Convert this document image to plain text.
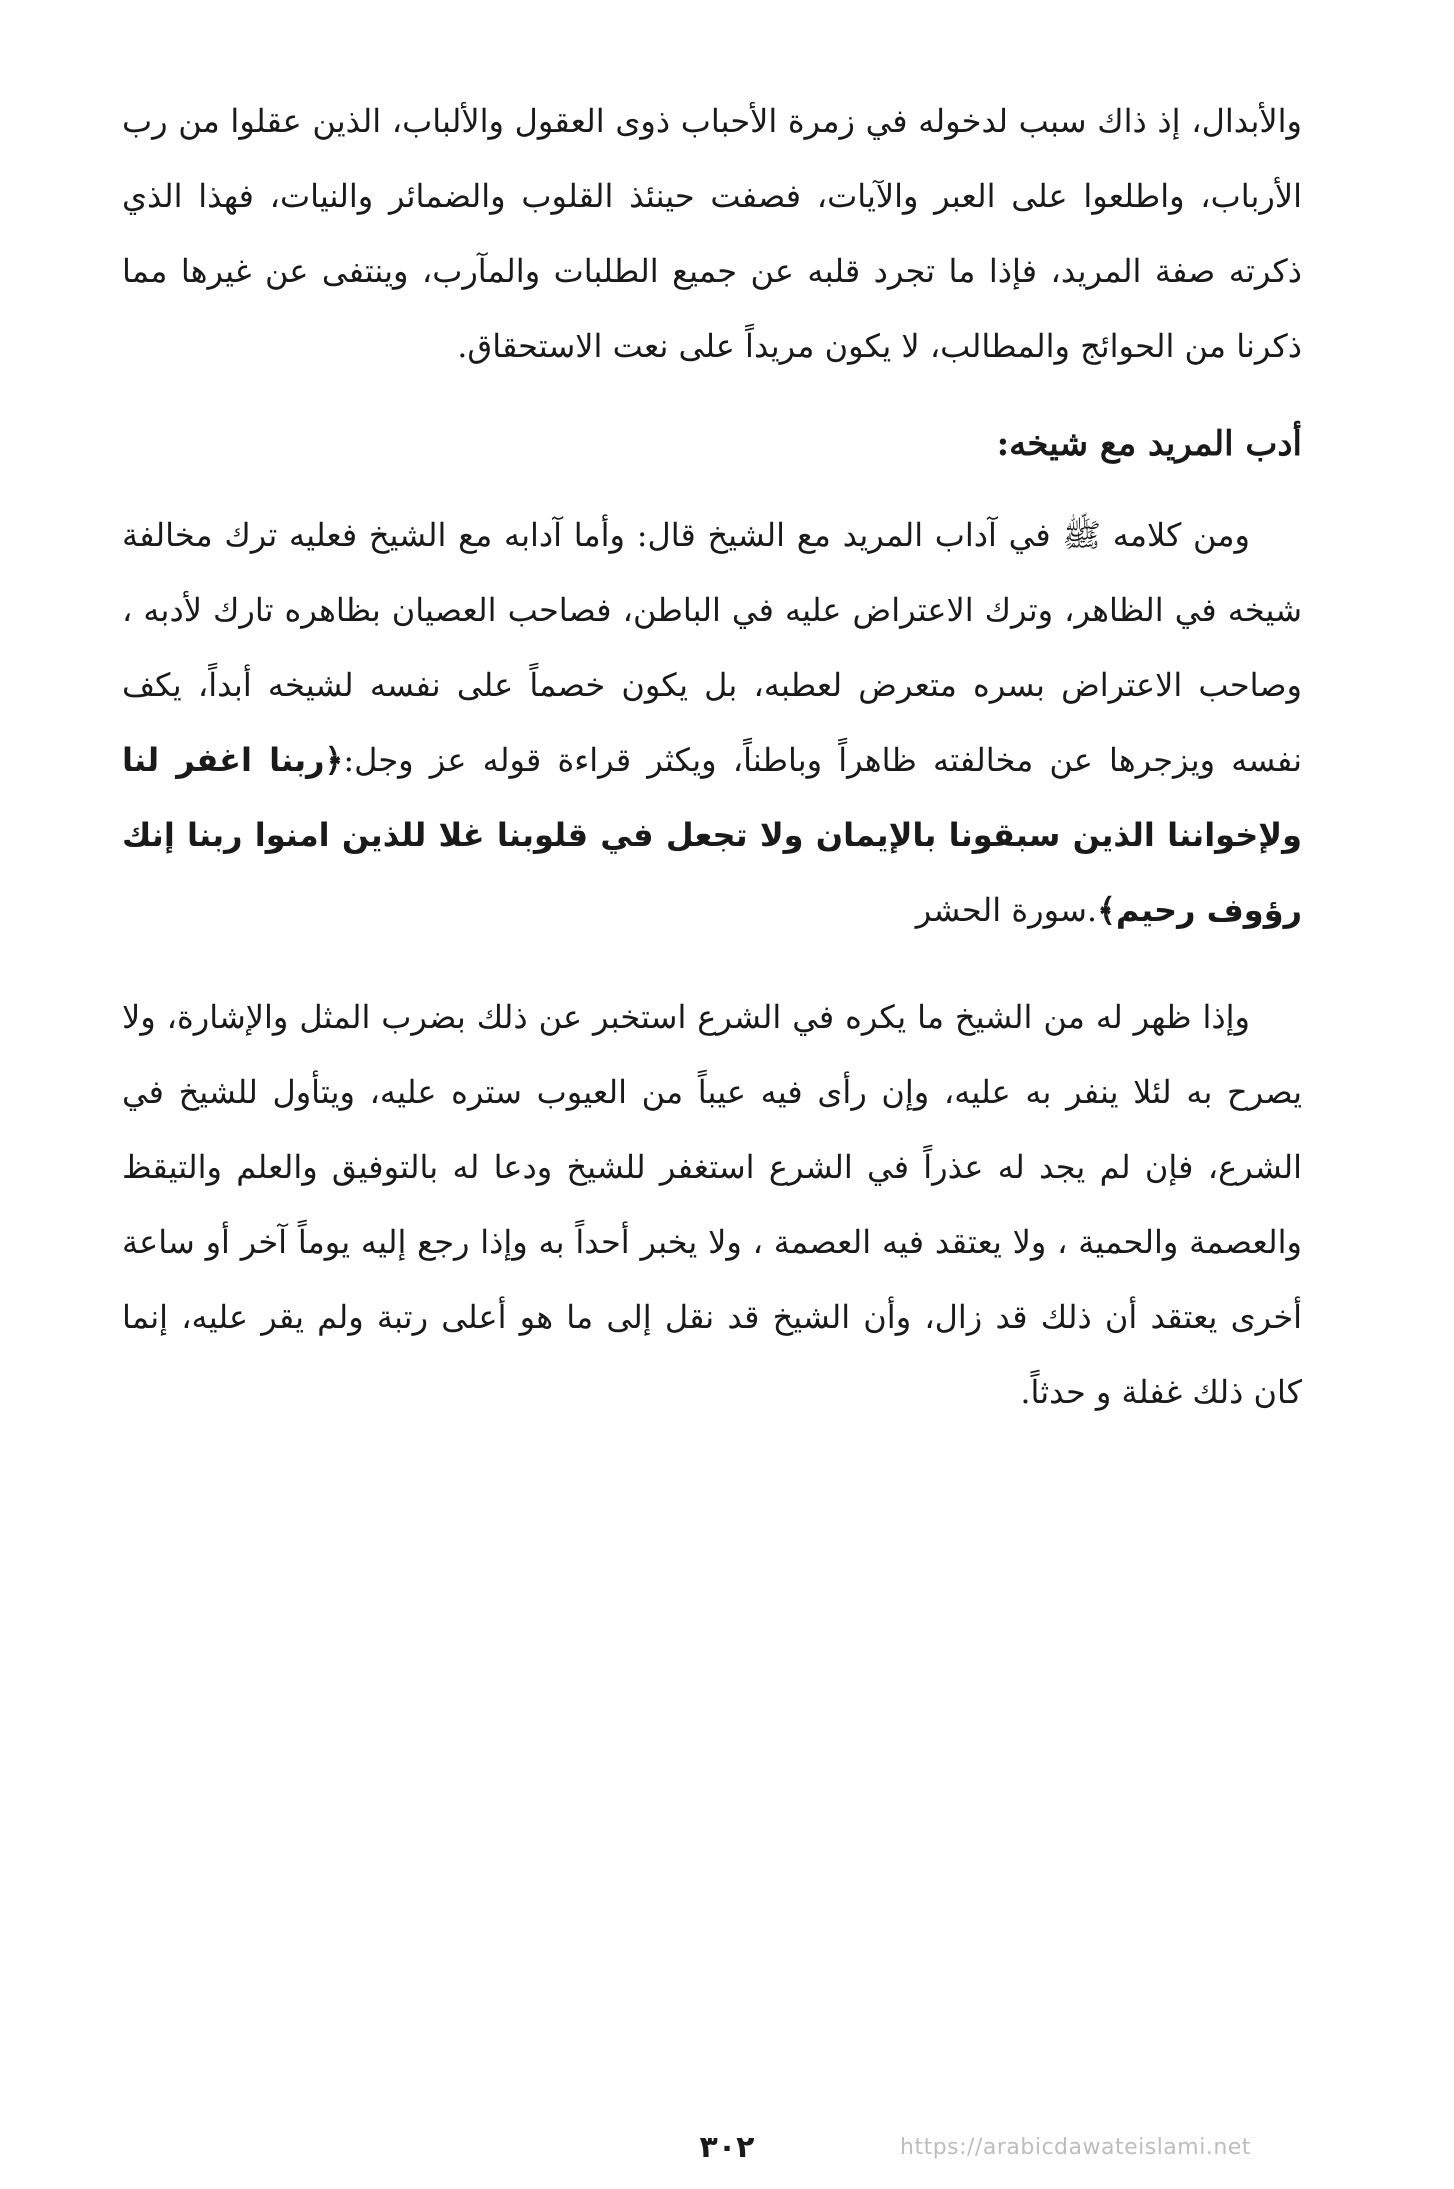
والأبدال، إذ ذاك سبب لدخوله في زمرة الأحباب ذوى العقول والألباب، الذين عقلوا من رب الأرباب، واطلعوا على العبر والآيات، فصفت حينئذ القلوب والضمائر والنيات، فهذا الذي ذكرته صفة المريد، فإذا ما تجرد قلبه عن جميع الطلبات والمآرب، وينتفى عن غيرها مما ذكرنا من الحوائج والمطالب، لا يكون مريداً على نعت الاستحقاق.

أدب المريد مع شيخه:

ومن كلامه ﷺ في آداب المريد مع الشيخ قال: وأما آدابه مع الشيخ فعليه ترك مخالفة شيخه في الظاهر، وترك الاعتراض عليه في الباطن، فصاحب العصيان بظاهره تارك لأدبه ، وصاحب الاعتراض بسره متعرض لعطبه، بل يكون خصماً على نفسه لشيخه أبداً، يكف نفسه ويزجرها عن مخالفته ظاهراً وباطناً، ويكثر قراءة قوله عز وجل:﴿ربنا اغفر لنا ولإخواننا الذين سبقونا بالإيمان ولا تجعل في قلوبنا غلا للذين امنوا ربنا إنك رؤوف رحيم﴾.سورة الحشر

وإذا ظهر له من الشيخ ما يكره في الشرع استخبر عن ذلك بضرب المثل والإشارة، ولا يصرح به لئلا ينفر به عليه، وإن رأى فيه عيباً من العيوب ستره عليه، ويتأول للشيخ في الشرع، فإن لم يجد له عذراً في الشرع استغفر للشيخ ودعا له بالتوفيق والعلم والتيقظ والعصمة والحمية ، ولا يعتقد فيه العصمة ، ولا يخبر أحداً به وإذا رجع إليه يوماً آخر أو ساعة أخرى يعتقد أن ذلك قد زال، وأن الشيخ قد نقل إلى ما هو أعلى رتبة ولم يقر عليه، إنما كان ذلك غفلة و حدثاً.

٣٠٢	https://arabicdawateislami.net
